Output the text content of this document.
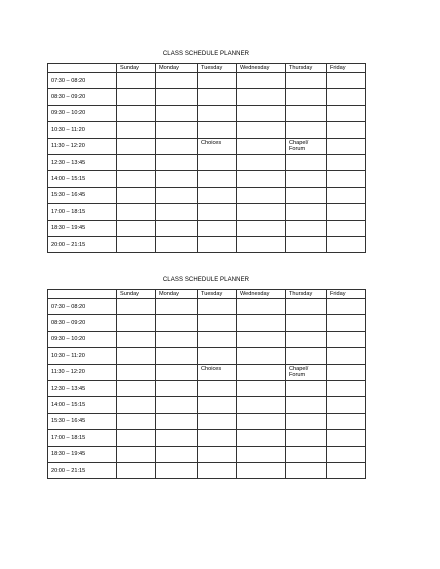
CLASS SCHEDULE PLANNER
	Sunday	Monday	Tuesday	Wednesday	Thursday	Friday
07:30 – 08:20	

08:30 – 09:20	

09:30 – 10:20	

10:30 – 11:20	

11:30 – 12:20			Choices		Chapel/
Forum	

12:30 – 13:45	

14:00 – 15:15	

15:30 – 16:45	

17:00 – 18:15	

18:30 – 19:45	

20:00 – 21:15	

CLASS SCHEDULE PLANNER
	Sunday	Monday	Tuesday	Wednesday	Thursday	Friday
07:30 – 08:20	

08:30 – 09:20	

09:30 – 10:20	

10:30 – 11:20	

11:30 – 12:20			Choices		Chapel/
Forum	

12:30 – 13:45	

14:00 – 15:15	

15:30 – 16:45	

17:00 – 18:15	

18:30 – 19:45	

20:00 – 21:15	
